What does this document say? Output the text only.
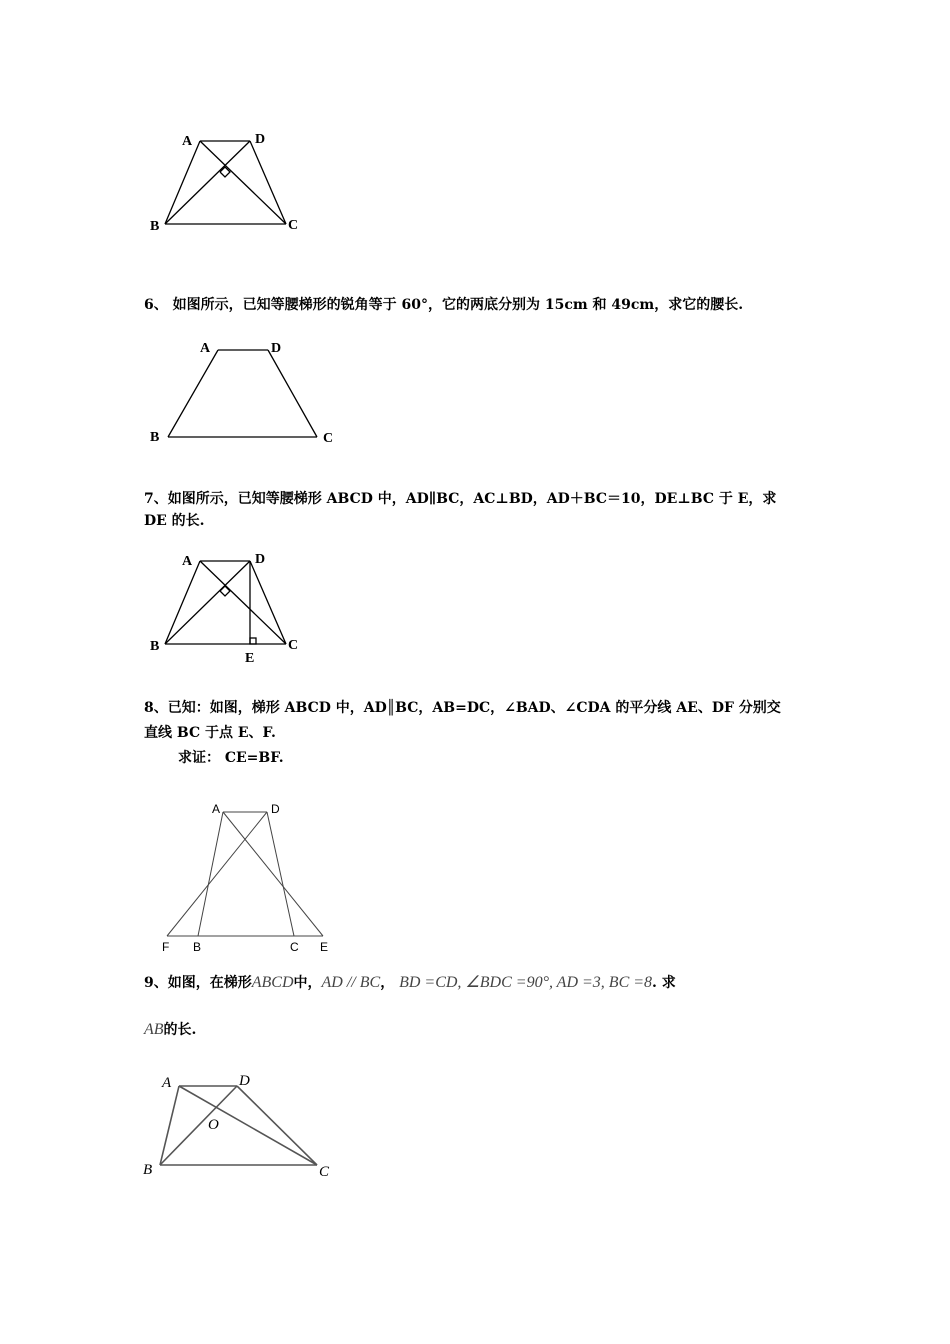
A	D
B	C
6、 如图所示，已知等腰梯形的锐角等于 60°，它的两底分别为 15cm 和 49cm，求它的腰长.
A	D
B	C
7、如图所示，已知等腰梯形 ABCD 中，AD∥BC，AC⊥BD，AD＋BC＝10，DE⊥BC 于 E，求
DE 的长.
A	D
B	C
E
8、已知：如图，梯形 ABCD 中，AD║BC，AB=DC，∠BAD、∠CDA 的平分线 AE、DF 分别交
直线 BC 于点 E、F.
求证： CE=BF.
A	D
F B	C E
9、如图，在梯形ABCD中，AD // BC， BD =CD, ∠BDC =90°, AD =3, BC =8. 求
AB的长.
A	D
O
B	C
